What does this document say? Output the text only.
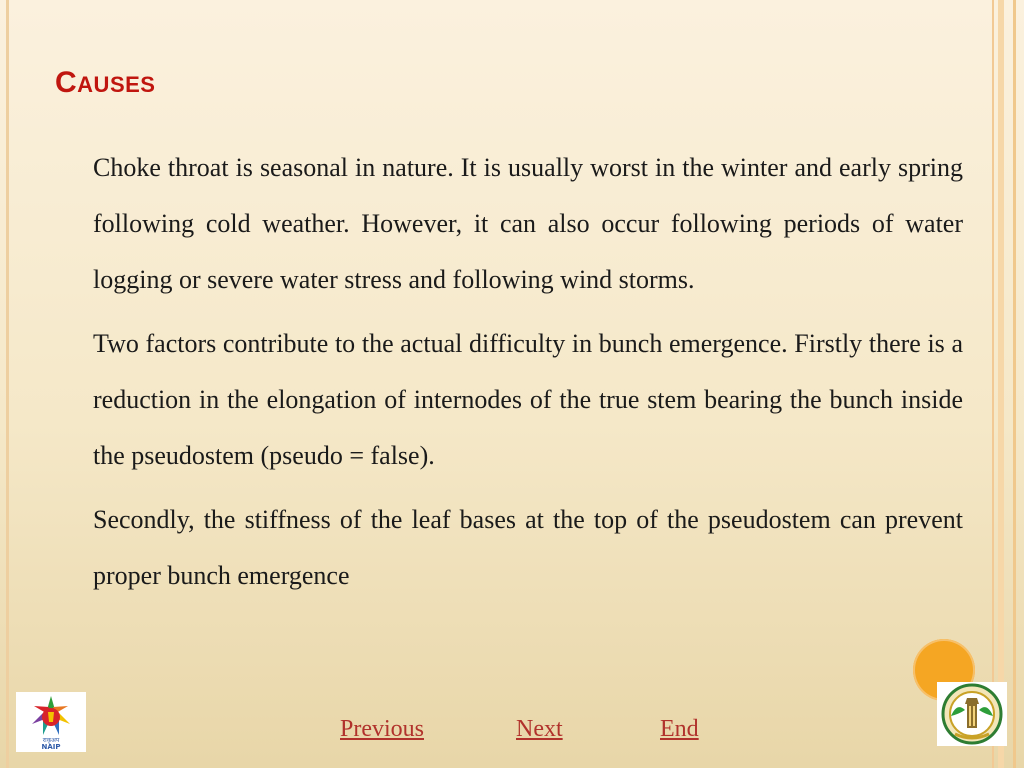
CAUSES

Choke throat is seasonal in nature. It is usually worst in the winter and early spring following cold weather. However, it can also occur following periods of water logging or severe water stress and following wind storms.

Two factors contribute to the actual difficulty in bunch emergence. Firstly there is a reduction in the elongation of internodes of the true stem bearing the bunch inside the pseudostem (pseudo = false).

Secondly, the stiffness of the leaf bases at the top of the pseudostem can prevent proper bunch emergence

राकृअप
NAIP
Previous	Next	End
